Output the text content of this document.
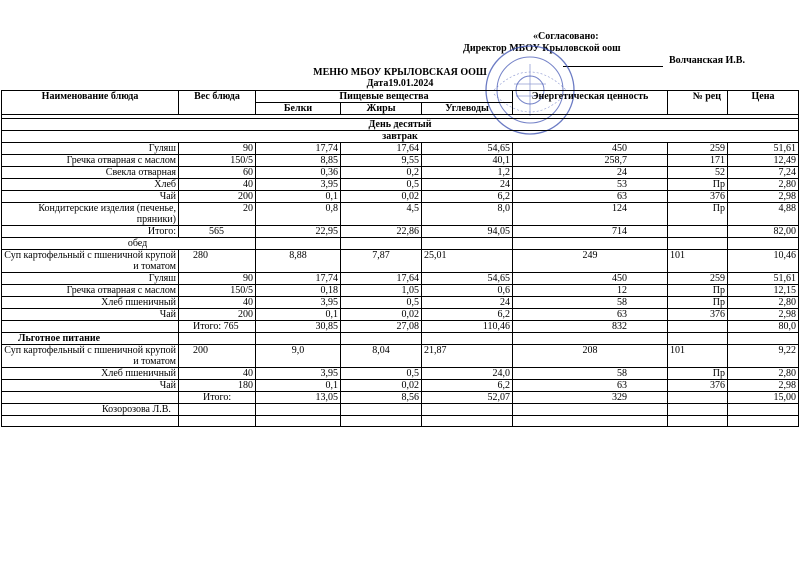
«Согласовано:
Директор МБОУ Крыловской оош
Волчанская И.В.
МЕНЮ МБОУ КРЫЛОВСКАЯ ООШ
Дата19.01.2024
Наименование блюда	Вес блюда	Пищевые вещества			Энергетическая ценность	№ рец	Цена
		Белки	Жиры	Углеводы			

День десятый							
завтрак							
Гуляш	90	17,74	17,64	54,65	450	259	51,61
Гречка отварная с маслом	150/5	8,85	9,55	40,1	258,7	171	12,49
Свекла отварная	60	0,36	0,2	1,2	24	52	7,24
Хлеб	40	3,95	0,5	24	53	Пр	2,80
Чай	200	0,1	0,02	6,2	63	376	2,98
Кондитерские изделия (печенье, пряники)	20	0,8	4,5	8,0	124	Пр	4,88
Итого:	565	22,95	22,86	94,05	714		82,00
обед							
Суп картофельный с пшеничной крупой и томатом	280	8,88	7,87	25,01	249	101	10,46
Гуляш	90	17,74	17,64	54,65	450	259	51,61
Гречка отварная с маслом	150/5	0,18	1,05	0,6	12	Пр	12,15
Хлеб пшеничный	40	3,95	0,5	24	58	Пр	2,80
Чай	200	0,1	0,02	6,2	63	376	2,98
	Итого: 765	30,85	27,08	110,46	832		80,0
Льготное питание							
Суп картофельный с пшеничной крупой и томатом	200	9,0	8,04	21,87	208	101	9,22
Хлеб пшеничный	40	3,95	0,5	24,0	58	Пр	2,80
Чай	180	0,1	0,02	6,2	63	376	2,98
	Итого:	13,05	8,56	52,07	329		15,00
Козорозова Л.В.							
